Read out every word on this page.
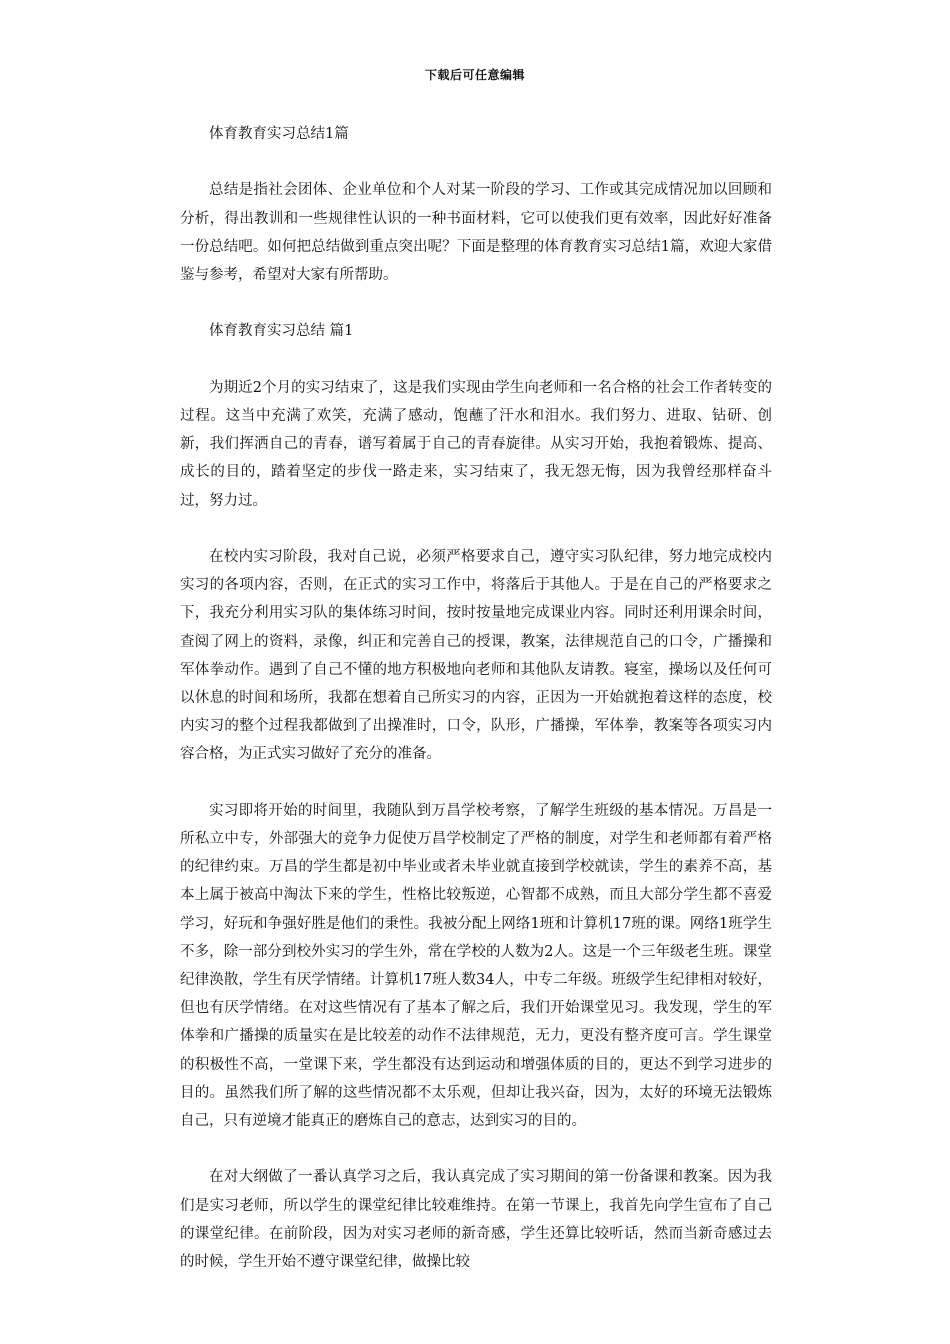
下载后可任意编辑

体育教育实习总结1篇

总结是指社会团体、企业单位和个人对某一阶段的学习、工作或其完成情况加以回顾和分析，得出教训和一些规律性认识的一种书面材料，它可以使我们更有效率，因此好好准备一份总结吧。如何把总结做到重点突出呢？下面是整理的体育教育实习总结1篇，欢迎大家借鉴与参考，希望对大家有所帮助。

体育教育实习总结 篇1

为期近2个月的实习结束了，这是我们实现由学生向老师和一名合格的社会工作者转变的过程。这当中充满了欢笑，充满了感动，饱蘸了汗水和泪水。我们努力、进取、钻研、创新，我们挥洒自己的青春，谱写着属于自己的青春旋律。从实习开始，我抱着锻炼、提高、成长的目的，踏着坚定的步伐一路走来，实习结束了，我无怨无悔，因为我曾经那样奋斗过，努力过。

在校内实习阶段，我对自己说，必须严格要求自己，遵守实习队纪律，努力地完成校内实习的各项内容，否则，在正式的实习工作中，将落后于其他人。于是在自己的严格要求之下，我充分利用实习队的集体练习时间，按时按量地完成课业内容。同时还利用课余时间，查阅了网上的资料，录像，纠正和完善自己的授课，教案，法律规范自己的口令，广播操和军体拳动作。遇到了自己不懂的地方积极地向老师和其他队友请教。寝室，操场以及任何可以休息的时间和场所，我都在想着自己所实习的内容，正因为一开始就抱着这样的态度，校内实习的整个过程我都做到了出操准时，口令，队形，广播操，军体拳，教案等各项实习内容合格，为正式实习做好了充分的准备。

实习即将开始的时间里，我随队到万昌学校考察，了解学生班级的基本情况。万昌是一所私立中专，外部强大的竞争力促使万昌学校制定了严格的制度，对学生和老师都有着严格的纪律约束。万昌的学生都是初中毕业或者未毕业就直接到学校就读，学生的素养不高，基本上属于被高中淘汰下来的学生，性格比较叛逆，心智都不成熟，而且大部分学生都不喜爱学习，好玩和争强好胜是他们的秉性。我被分配上网络1班和计算机17班的课。网络1班学生不多，除一部分到校外实习的学生外，常在学校的人数为2人。这是一个三年级老生班。课堂纪律涣散，学生有厌学情绪。计算机17班人数34人，中专二年级。班级学生纪律相对较好，但也有厌学情绪。在对这些情况有了基本了解之后，我们开始课堂见习。我发现，学生的军体拳和广播操的质量实在是比较差的动作不法律规范，无力，更没有整齐度可言。学生课堂的积极性不高，一堂课下来，学生都没有达到运动和增强体质的目的，更达不到学习进步的目的。虽然我们所了解的这些情况都不太乐观，但却让我兴奋，因为，太好的环境无法锻炼自己，只有逆境才能真正的磨炼自己的意志，达到实习的目的。

在对大纲做了一番认真学习之后，我认真完成了实习期间的第一份备课和教案。因为我们是实习老师，所以学生的课堂纪律比较难维持。在第一节课上，我首先向学生宣布了自己的课堂纪律。在前阶段，因为对实习老师的新奇感，学生还算比较听话，然而当新奇感过去的时候，学生开始不遵守课堂纪律，做操比较
